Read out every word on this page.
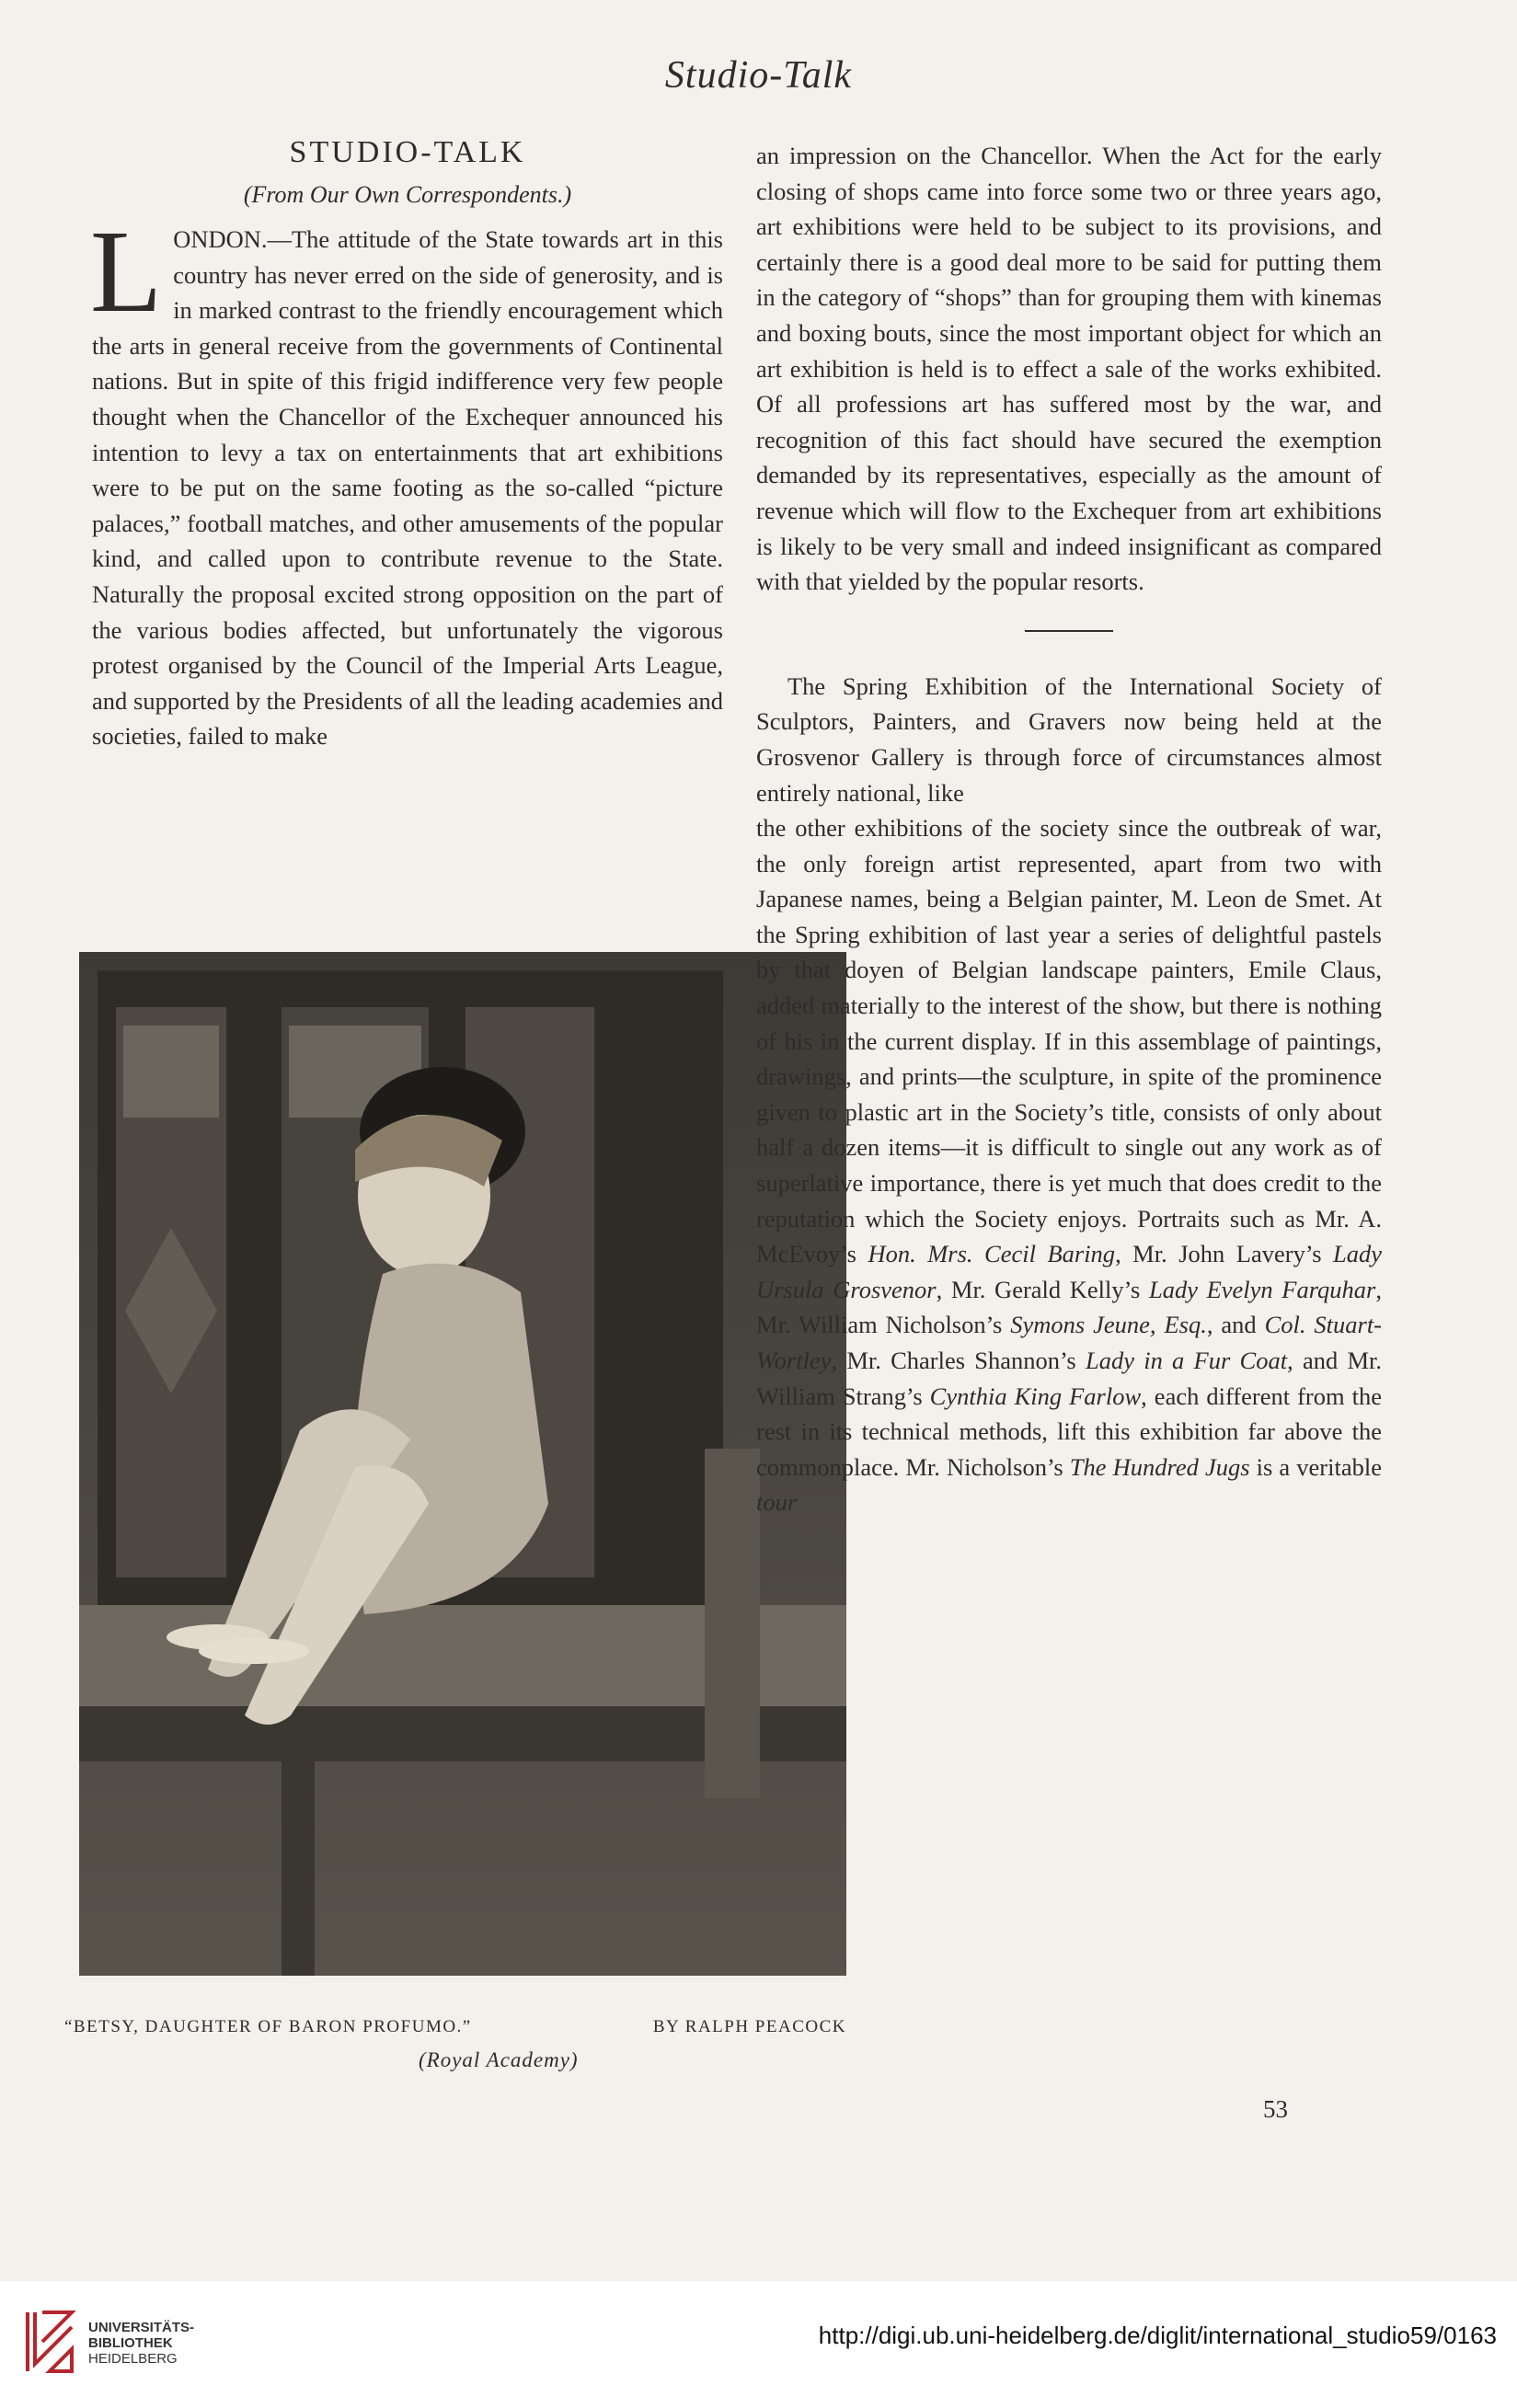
Studio-Talk
STUDIO-TALK
(From Our Own Correspondents.)

LONDON.—The attitude of the State towards art in this country has never erred on the side of generosity, and is in marked contrast to the friendly encouragement which the arts in general receive from the governments of Continental nations. But in spite of this frigid indifference very few people thought when the Chancellor of the Exchequer announced his intention to levy a tax on entertainments that art exhibitions were to be put on the same footing as the so-called “picture palaces,” football matches, and other amusements of the popular kind, and called upon to contribute revenue to the State. Naturally the proposal excited strong opposition on the part of the various bodies affected, but unfortunately the vigorous protest organised by the Council of the Imperial Arts League, and supported by the Presidents of all the leading academies and societies, failed to make

“BETSY, DAUGHTER OF BARON PROFUMO.”	BY RALPH PEACOCK
(Royal Academy)

an impression on the Chancellor. When the Act for the early closing of shops came into force some two or three years ago, art exhibitions were held to be subject to its provisions, and certainly there is a good deal more to be said for putting them in the category of “shops” than for grouping them with kinemas and boxing bouts, since the most important object for which an art exhibition is held is to effect a sale of the works exhibited. Of all professions art has suffered most by the war, and recognition of this fact should have secured the exemption demanded by its representatives, especially as the amount of revenue which will flow to the Exchequer from art exhibitions is likely to be very small and indeed insignificant as compared with that yielded by the popular resorts.

The Spring Exhibition of the International Society of Sculptors, Painters, and Gravers now being held at the Grosvenor Gallery is through force of circumstances almost entirely national, like

the other exhibitions of the society since the outbreak of war, the only foreign artist represented, apart from two with Japanese names, being a Belgian painter, M. Leon de Smet. At the Spring exhibition of last year a series of delightful pastels by that doyen of Belgian landscape painters, Emile Claus, added materially to the interest of the show, but there is nothing of his in the current display. If in this assemblage of paintings, drawings, and prints—the sculpture, in spite of the prominence given to plastic art in the Society’s title, consists of only about half a dozen items—it is difficult to single out any work as of superlative importance, there is yet much that does credit to the reputation which the Society enjoys. Portraits such as Mr. A. McEvoy’s Hon. Mrs. Cecil Baring, Mr. John Lavery’s Lady Ursula Grosvenor, Mr. Gerald Kelly’s Lady Evelyn Farquhar, Mr. William Nicholson’s Symons Jeune, Esq., and Col. Stuart-Wortley, Mr. Charles Shannon’s Lady in a Fur Coat, and Mr. William Strang’s Cynthia King Farlow, each different from the rest in its technical methods, lift this exhibition far above the commonplace. Mr. Nicholson’s The Hundred Jugs is a veritable tour

53
UNIVERSITÄTS-
BIBLIOTHEK
HEIDELBERG
http://digi.ub.uni-heidelberg.de/diglit/international_studio59/0163
